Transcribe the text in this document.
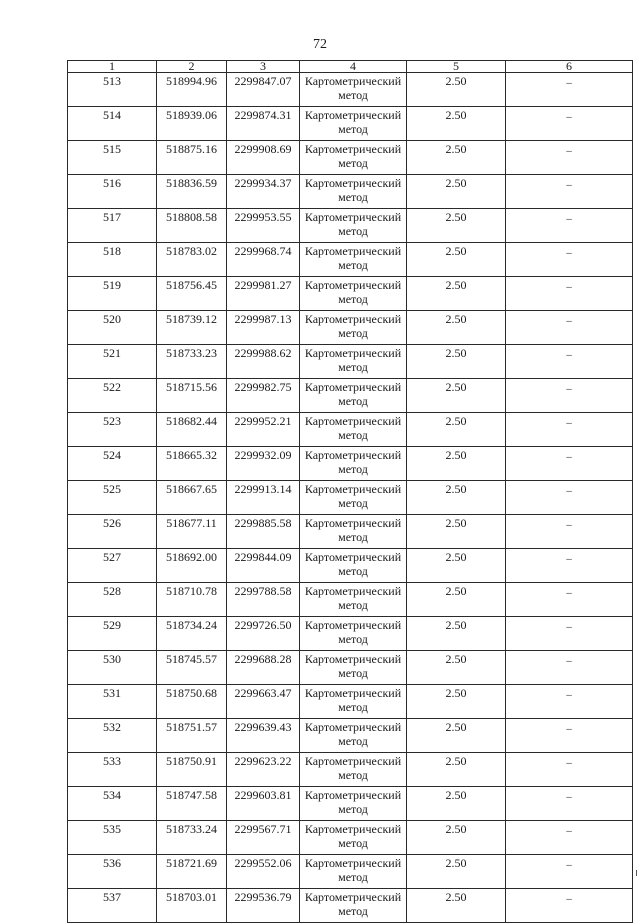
72
1	2	3	4	5	6
513	518994.96	2299847.07	Картометрический метод	2.50	–
514	518939.06	2299874.31	Картометрический метод	2.50	–
515	518875.16	2299908.69	Картометрический метод	2.50	–
516	518836.59	2299934.37	Картометрический метод	2.50	–
517	518808.58	2299953.55	Картометрический метод	2.50	–
518	518783.02	2299968.74	Картометрический метод	2.50	–
519	518756.45	2299981.27	Картометрический метод	2.50	–
520	518739.12	2299987.13	Картометрический метод	2.50	–
521	518733.23	2299988.62	Картометрический метод	2.50	–
522	518715.56	2299982.75	Картометрический метод	2.50	–
523	518682.44	2299952.21	Картометрический метод	2.50	–
524	518665.32	2299932.09	Картометрический метод	2.50	–
525	518667.65	2299913.14	Картометрический метод	2.50	–
526	518677.11	2299885.58	Картометрический метод	2.50	–
527	518692.00	2299844.09	Картометрический метод	2.50	–
528	518710.78	2299788.58	Картометрический метод	2.50	–
529	518734.24	2299726.50	Картометрический метод	2.50	–
530	518745.57	2299688.28	Картометрический метод	2.50	–
531	518750.68	2299663.47	Картометрический метод	2.50	–
532	518751.57	2299639.43	Картометрический метод	2.50	–
533	518750.91	2299623.22	Картометрический метод	2.50	–
534	518747.58	2299603.81	Картометрический метод	2.50	–
535	518733.24	2299567.71	Картометрический метод	2.50	–
536	518721.69	2299552.06	Картометрический метод	2.50	–
537	518703.01	2299536.79	Картометрический метод	2.50	–
